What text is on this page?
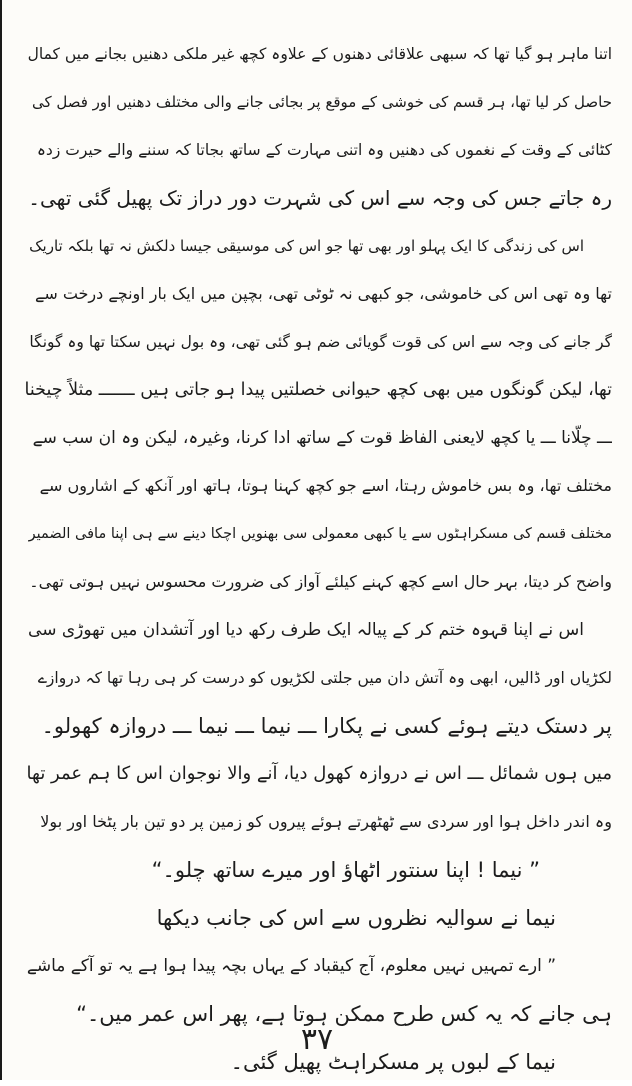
اتنا ماہر ہو گیا تھا کہ سبھی علاقائی دھنوں کے علاوہ کچھ غیر ملکی دھنیں بجانے میں کمال
حاصل کر لیا تھا، ہر قسم کی خوشی کے موقع پر بجائی جانے والی مختلف دھنیں اور فصل کی
کٹائی کے وقت کے نغموں کی دھنیں وہ اتنی مہارت کے ساتھ بجاتا کہ سننے والے حیرت زدہ
رہ جاتے جس کی وجہ سے اس کی شہرت دور دراز تک پھیل گئی تھی۔
اس کی زندگی کا ایک پہلو اور بھی تھا جو اس کی موسیقی جیسا دلکش نہ تھا بلکہ تاریک
تھا وہ تھی اس کی خاموشی، جو کبھی نہ ٹوٹی تھی، بچپن میں ایک بار اونچے درخت سے
گر جانے کی وجہ سے اس کی قوت گویائی ضم ہو گئی تھی، وہ بول نہیں سکتا تھا وہ گونگا
تھا، لیکن گونگوں میں بھی کچھ حیوانی خصلتیں پیدا ہو جاتی ہیں ـــــــ مثلاً چیخنا
ـــ چلّانا ـــ یا کچھ لایعنی الفاظ قوت کے ساتھ ادا کرنا، وغیرہ، لیکن وہ ان سب سے
مختلف تھا، وہ بس خاموش رہتا، اسے جو کچھ کہنا ہوتا، ہاتھ اور آنکھ کے اشاروں سے
مختلف قسم کی مسکراہٹوں سے یا کبھی معمولی سی بھنویں اچکا دینے سے ہی اپنا مافی الضمیر
واضح کر دیتا، بہر حال اسے کچھ کہنے کیلئے آواز کی ضرورت محسوس نہیں ہوتی تھی۔
اس نے اپنا قہوہ ختم کر کے پیالہ ایک طرف رکھ دیا اور آتشدان میں تھوڑی سی
لکڑیاں اور ڈالیں، ابھی وہ آتش دان میں جلتی لکڑیوں کو درست کر ہی رہا تھا کہ دروازے
پر دستک دیتے ہوئے کسی نے پکارا ـــ نیما ـــ نیما ـــ دروازہ کھولو۔
میں ہوں شمائل ـــ اس نے دروازہ کھول دیا، آنے والا نوجوان اس کا ہم عمر تھا
وہ اندر داخل ہوا اور سردی سے ٹھٹھرتے ہوئے پیروں کو زمین پر دو تین بار پٹخا اور بولا
” نیما ! اپنا سنتور اٹھاؤ اور میرے ساتھ چلو۔“
نیما نے سوالیہ نظروں سے اس کی جانب دیکھا
” ارے تمہیں نہیں معلوم، آج کیقباد کے یہاں بچہ پیدا ہوا ہے یہ تو آکے ماشے
ہی جانے کہ یہ کس طرح ممکن ہوتا ہے، پھر اس عمر میں۔“
نیما کے لبوں پر مسکراہٹ پھیل گئی۔
۳۷
